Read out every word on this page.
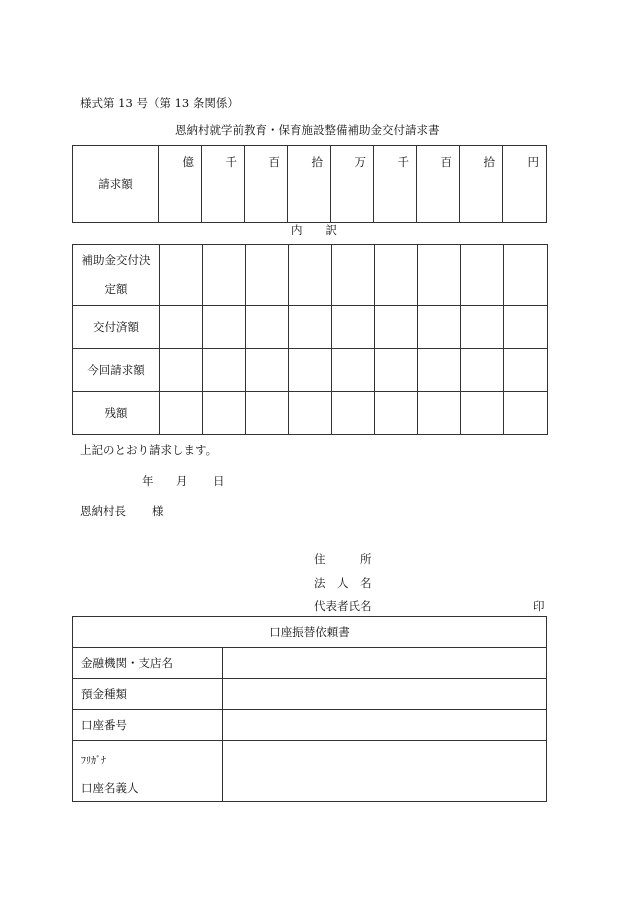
様式第 13 号（第 13 条関係）
恩納村就学前教育・保育施設整備補助金交付請求書
請求額	億	千	百	拾	万	千	百	拾	円
内　　訳
補助金交付決
定額									
交付済額									
今回請求額									
残額									
上記のとおり請求します。
年 月 日
恩納村長 様
住　　　所
法　人　名
代表者氏名	印
口座振替依頼書	
金融機関・支店名	
預金種類	
口座番号	
ﾌﾘｶﾞﾅ
口座名義人	
